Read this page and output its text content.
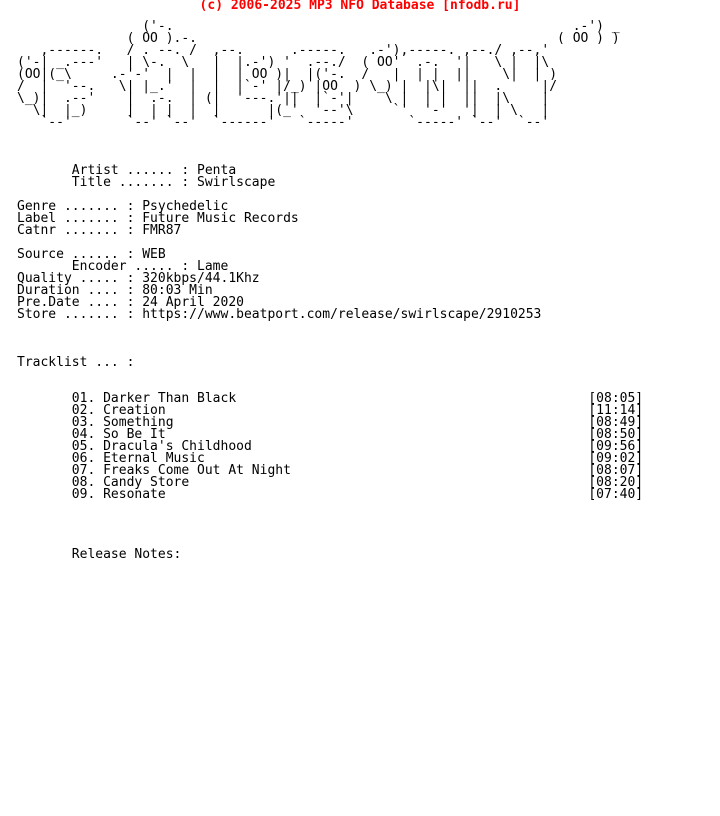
(c) 2006-2025 MP3 NFO Database [nfodb.ru]
('-.                                                   .-') _
( OO ).-.                                              ( OO ) )
,------.   / . --. /  ,--.      .-----.   .-'),-----. ,--./ ,--,'
('-| _.---'   | \-.  \   |  |.-') '  .--./  ( OO'  .-.  '|   \ |  |\
(OO|(_\     .-'-'  |  |  |  | OO )|  |('-.  /   |  | |  ||    \|  | )
/  |  '--.   \| |_.'  |  |  |`-' |/_) |OO  ) \_) |  |\|  ||  .     |/
\_)|  .--'    |  .-.  | (|  '---.'||  |`-'|    \ |  | |  ||  |\    |
\|  |_)     |  | |  |  |      |(_'  '--'\     `'  '-'  '|  | \   |
`--'       `--' `--'  `------'   `-----'       `-----' `--'  `--'

Artist ...... : Penta
Title ....... : Swirlscape

Genre ....... : Psychedelic
Label ....... : Future Music Records
Catnr ....... : FMR87

Source ...... : WEB
Encoder ..... : Lame
Quality ..... : 320kbps/44.1Khz
Duration .... : 80:03 Min
Pre.Date .... : 24 April 2020
Store ....... : https://www.beatport.com/release/swirlscape/2910253

Tracklist ... :

01. Darker Than Black                                             [08:05]
02. Creation                                                      [11:14]
03. Something                                                     [08:49]
04. So Be It                                                      [08:50]
05. Dracula's Childhood                                           [09:56]
06. Eternal Music                                                 [09:02]
07. Freaks Come Out At Night                                      [08:07]
08. Candy Store                                                   [08:20]
09. Resonate                                                      [07:40]

Release Notes:
